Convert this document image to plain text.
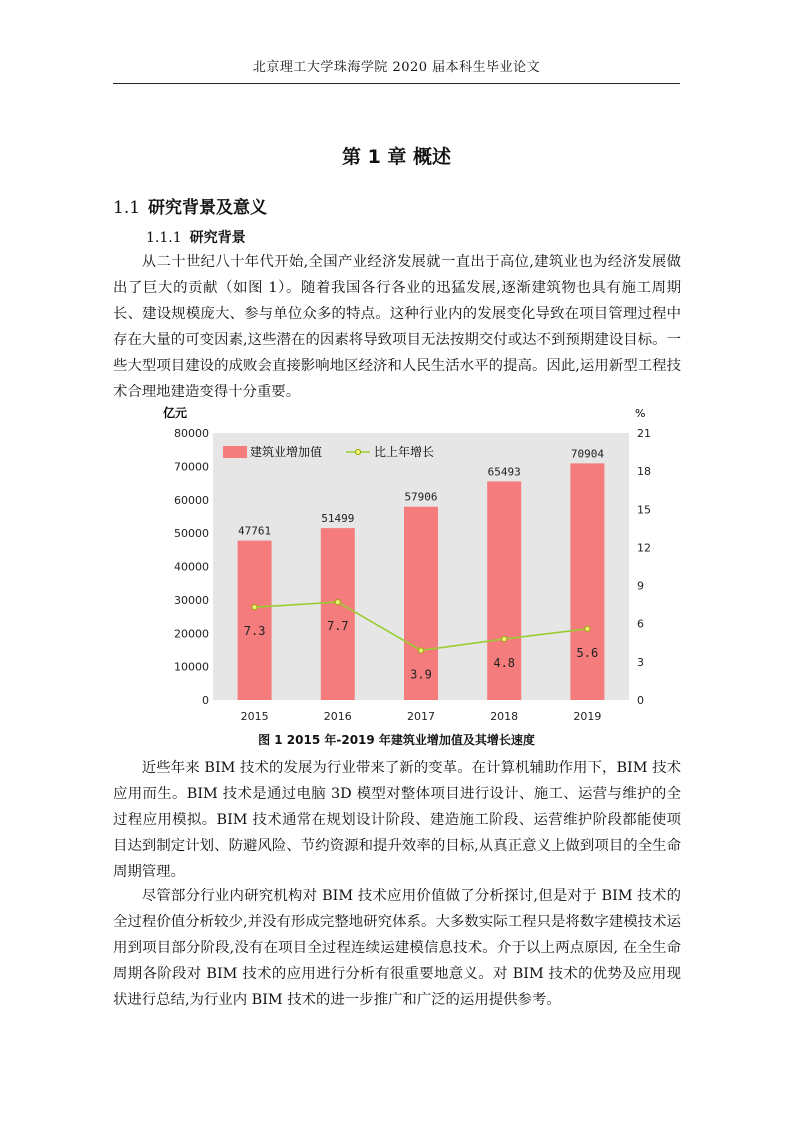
北京理工大学珠海学院 2020 届本科生毕业论文
第 1 章 概述
1.1 研究背景及意义
1.1.1 研究背景

从二十世纪八十年代开始,全国产业经济发展就一直出于高位,建筑业也为经济发展做出了巨大的贡献（如图 1）。随着我国各行各业的迅猛发展,逐渐建筑物也具有施工周期长、建设规模庞大、参与单位众多的特点。这种行业内的发展变化导致在项目管理过程中存在大量的可变因素,这些潜在的因素将导致项目无法按期交付或达不到预期建设目标。一些大型项目建设的成败会直接影响地区经济和人民生活水平的提高。因此,运用新型工程技术合理地建造变得十分重要。

0
10000
20000
30000
40000
50000
60000
70000
80000
0
3
6
9
12
15
18
21
亿元	%
47761
51499
57906
65493
70904
7.3	7.7
3.9
4.8
5.6
2015	2016	2017	2018	2019
建筑业增加值	比上年增长
图 1 2015 年-2019 年建筑业增加值及其增长速度

近些年来 BIM 技术的发展为行业带来了新的变革。在计算机辅助作用下，BIM 技术应用而生。BIM 技术是通过电脑 3D 模型对整体项目进行设计、施工、运营与维护的全过程应用模拟。BIM 技术通常在规划设计阶段、建造施工阶段、运营维护阶段都能使项目达到制定计划、防避风险、节约资源和提升效率的目标,从真正意义上做到项目的全生命周期管理。

尽管部分行业内研究机构对 BIM 技术应用价值做了分析探讨,但是对于 BIM 技术的全过程价值分析较少,并没有形成完整地研究体系。大多数实际工程只是将数字建模技术运用到项目部分阶段,没有在项目全过程连续运建模信息技术。介于以上两点原因, 在全生命周期各阶段对 BIM 技术的应用进行分析有很重要地意义。对 BIM 技术的优势及应用现状进行总结,为行业内 BIM 技术的进一步推广和广泛的运用提供参考。
